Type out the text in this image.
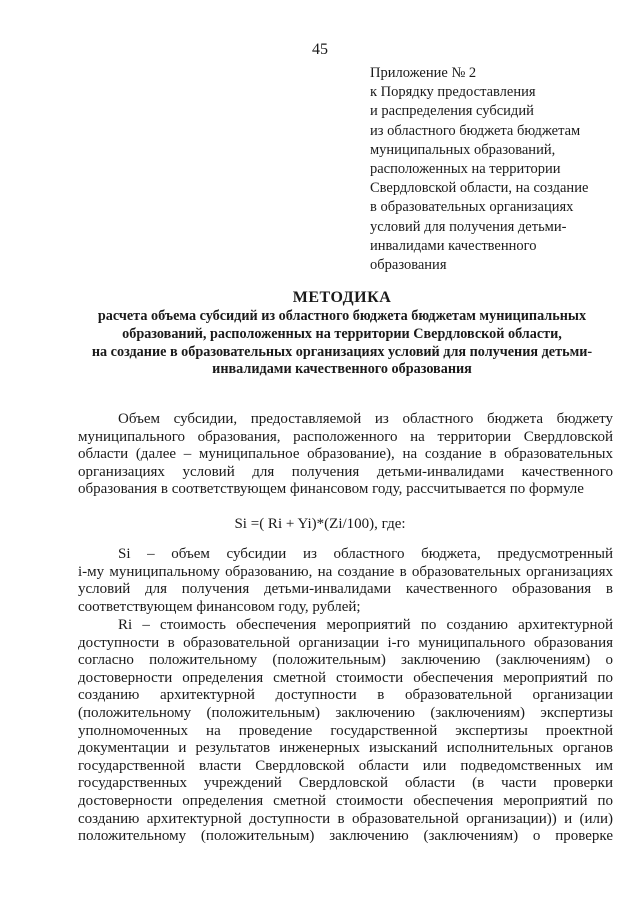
45
Приложение № 2
к Порядку предоставления
и распределения субсидий
из областного бюджета бюджетам
муниципальных образований,
расположенных на территории
Свердловской области, на создание
в образовательных организациях
условий для получения детьми-
инвалидами качественного
образования
МЕТОДИКА
расчета объема субсидий из областного бюджета бюджетам муниципальных
образований, расположенных на территории Свердловской области,
на создание в образовательных организациях условий для получения детьми-
инвалидами качественного образования
Объем субсидии, предоставляемой из областного бюджета бюджету
муниципального образования, расположенного на территории Свердловской
области (далее – муниципальное образование), на создание в образовательных
организациях условий для получения детьми-инвалидами качественного
образования в соответствующем финансовом году, рассчитывается по формуле
Si =( Ri + Yi)*(Zi/100), где:
Si – объем субсидии из областного бюджета, предусмотренный
i-му муниципальному образованию, на создание в образовательных организациях
условий для получения детьми-инвалидами качественного образования в
соответствующем финансовом году, рублей;
Ri – стоимость обеспечения мероприятий по созданию архитектурной
доступности в образовательной организации i-го муниципального образования
согласно положительному (положительным) заключению (заключениям) о
достоверности определения сметной стоимости обеспечения мероприятий по
созданию архитектурной доступности в образовательной организации
(положительному (положительным) заключению (заключениям) экспертизы
уполномоченных на проведение государственной экспертизы проектной
документации и результатов инженерных изысканий исполнительных органов
государственной власти Свердловской области или подведомственных им
государственных учреждений Свердловской области (в части проверки
достоверности определения сметной стоимости обеспечения мероприятий по
созданию архитектурной доступности в образовательной организации)) и (или)
положительному (положительным) заключению (заключениям) о проверке
